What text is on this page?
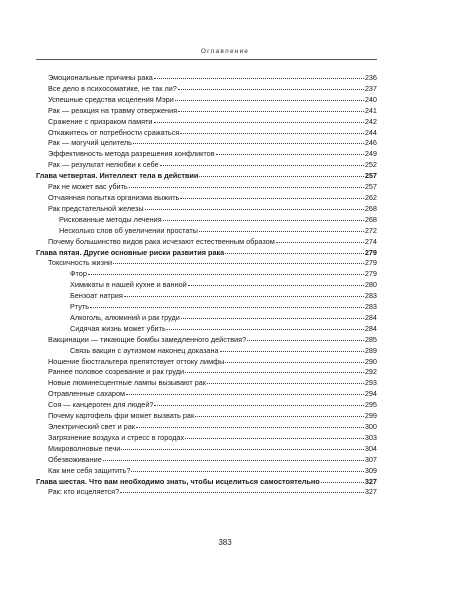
Оглавление
Эмоциональные причины рака	236
Все дело в психосоматике, не так ли?	237
Успешные средства исцеления Мэри	240
Рак — реакция на травму отвержения	241
Сражение с призраком памяти	242
Откажитесь от потребности сражаться	244
Рак — могучий целитель	246
Эффективность метода разрешения конфликтов	249
Рак — результат нелюбви к себе	252
Глава четвертая. Интеллект тела в действии	257
Рак не может вас убить	257
Отчаянная попытка организма выжить	262
Рак предстательной железы	268
Рискованные методы лечения	268
Несколько слов об увеличении простаты	272
Почему большинство видов рака исчезают естественным образом	274
Глава пятая. Другие основные риски развития рака	279
Токсичность жизни	279
Фтор	279
Химикаты в нашей кухне и ванной	280
Бензоат натрия	283
Ртуть	283
Алкоголь, алюминий и рак груди	284
Сидячая жизнь может убить	284
Вакцинации — тикающие бомбы замедленного действия?	285
Связь вакцин с аутизмом наконец доказана	289
Ношение бюстгальтера препятствует оттоку лимфы	290
Раннее половое созревание и рак груди	292
Новые люминесцентные лампы вызывают рак	293
Отравленные сахаром	294
Соя — канцероген для людей?	295
Почему картофель фри может вызвать рак	299
Электрический свет и рак	300
Загрязнение воздуха и стресс в городах	303
Микроволновые печи	304
Обезвоживание	307
Как мне себя защитить?	309
Глава шестая. Что вам необходимо знать, чтобы исцелиться самостоятельно	327
Рак: кто исцеляется?	327
383
